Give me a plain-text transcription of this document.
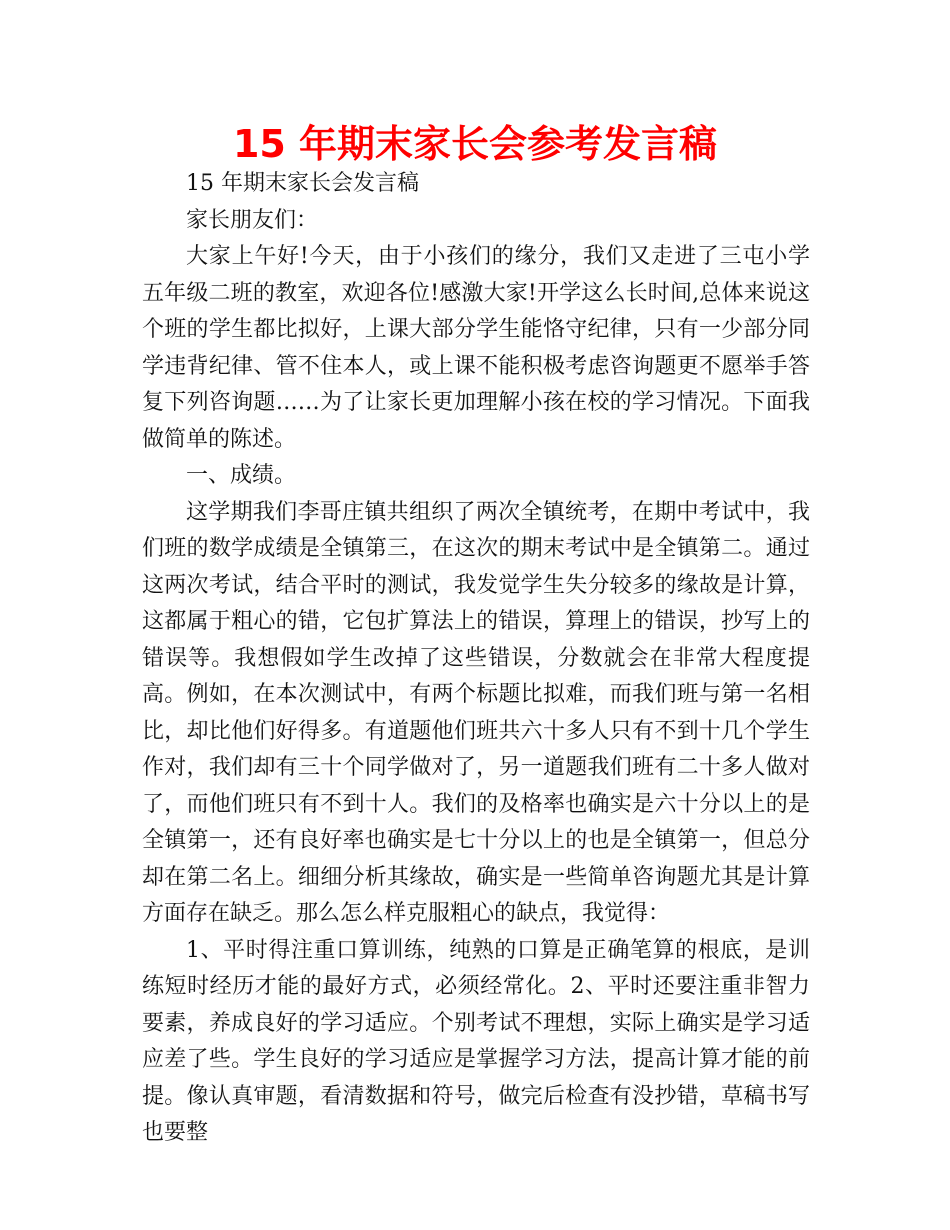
15 年期末家长会参考发言稿

15 年期末家长会发言稿

家长朋友们：

大家上午好!今天，由于小孩们的缘分，我们又走进了三屯小学五年级二班的教室，欢迎各位!感激大家!开学这么长时间,总体来说这个班的学生都比拟好，上课大部分学生能恪守纪律，只有一少部分同学违背纪律、管不住本人，或上课不能积极考虑咨询题更不愿举手答复下列咨询题……为了让家长更加理解小孩在校的学习情况。下面我做简单的陈述。

一、成绩。

这学期我们李哥庄镇共组织了两次全镇统考，在期中考试中，我们班的数学成绩是全镇第三，在这次的期末考试中是全镇第二。通过这两次考试，结合平时的测试，我发觉学生失分较多的缘故是计算，这都属于粗心的错，它包扩算法上的错误，算理上的错误，抄写上的错误等。我想假如学生改掉了这些错误，分数就会在非常大程度提高。例如，在本次测试中，有两个标题比拟难，而我们班与第一名相比，却比他们好得多。有道题他们班共六十多人只有不到十几个学生作对，我们却有三十个同学做对了，另一道题我们班有二十多人做对了，而他们班只有不到十人。我们的及格率也确实是六十分以上的是全镇第一，还有良好率也确实是七十分以上的也是全镇第一，但总分却在第二名上。细细分析其缘故，确实是一些简单咨询题尤其是计算方面存在缺乏。那么怎么样克服粗心的缺点，我觉得：

1、平时得注重口算训练，纯熟的口算是正确笔算的根底，是训练短时经历才能的最好方式，必须经常化。2、平时还要注重非智力要素，养成良好的学习适应。个别考试不理想，实际上确实是学习适应差了些。学生良好的学习适应是掌握学习方法，提高计算才能的前提。像认真审题，看清数据和符号，做完后检查有没抄错，草稿书写也要整
